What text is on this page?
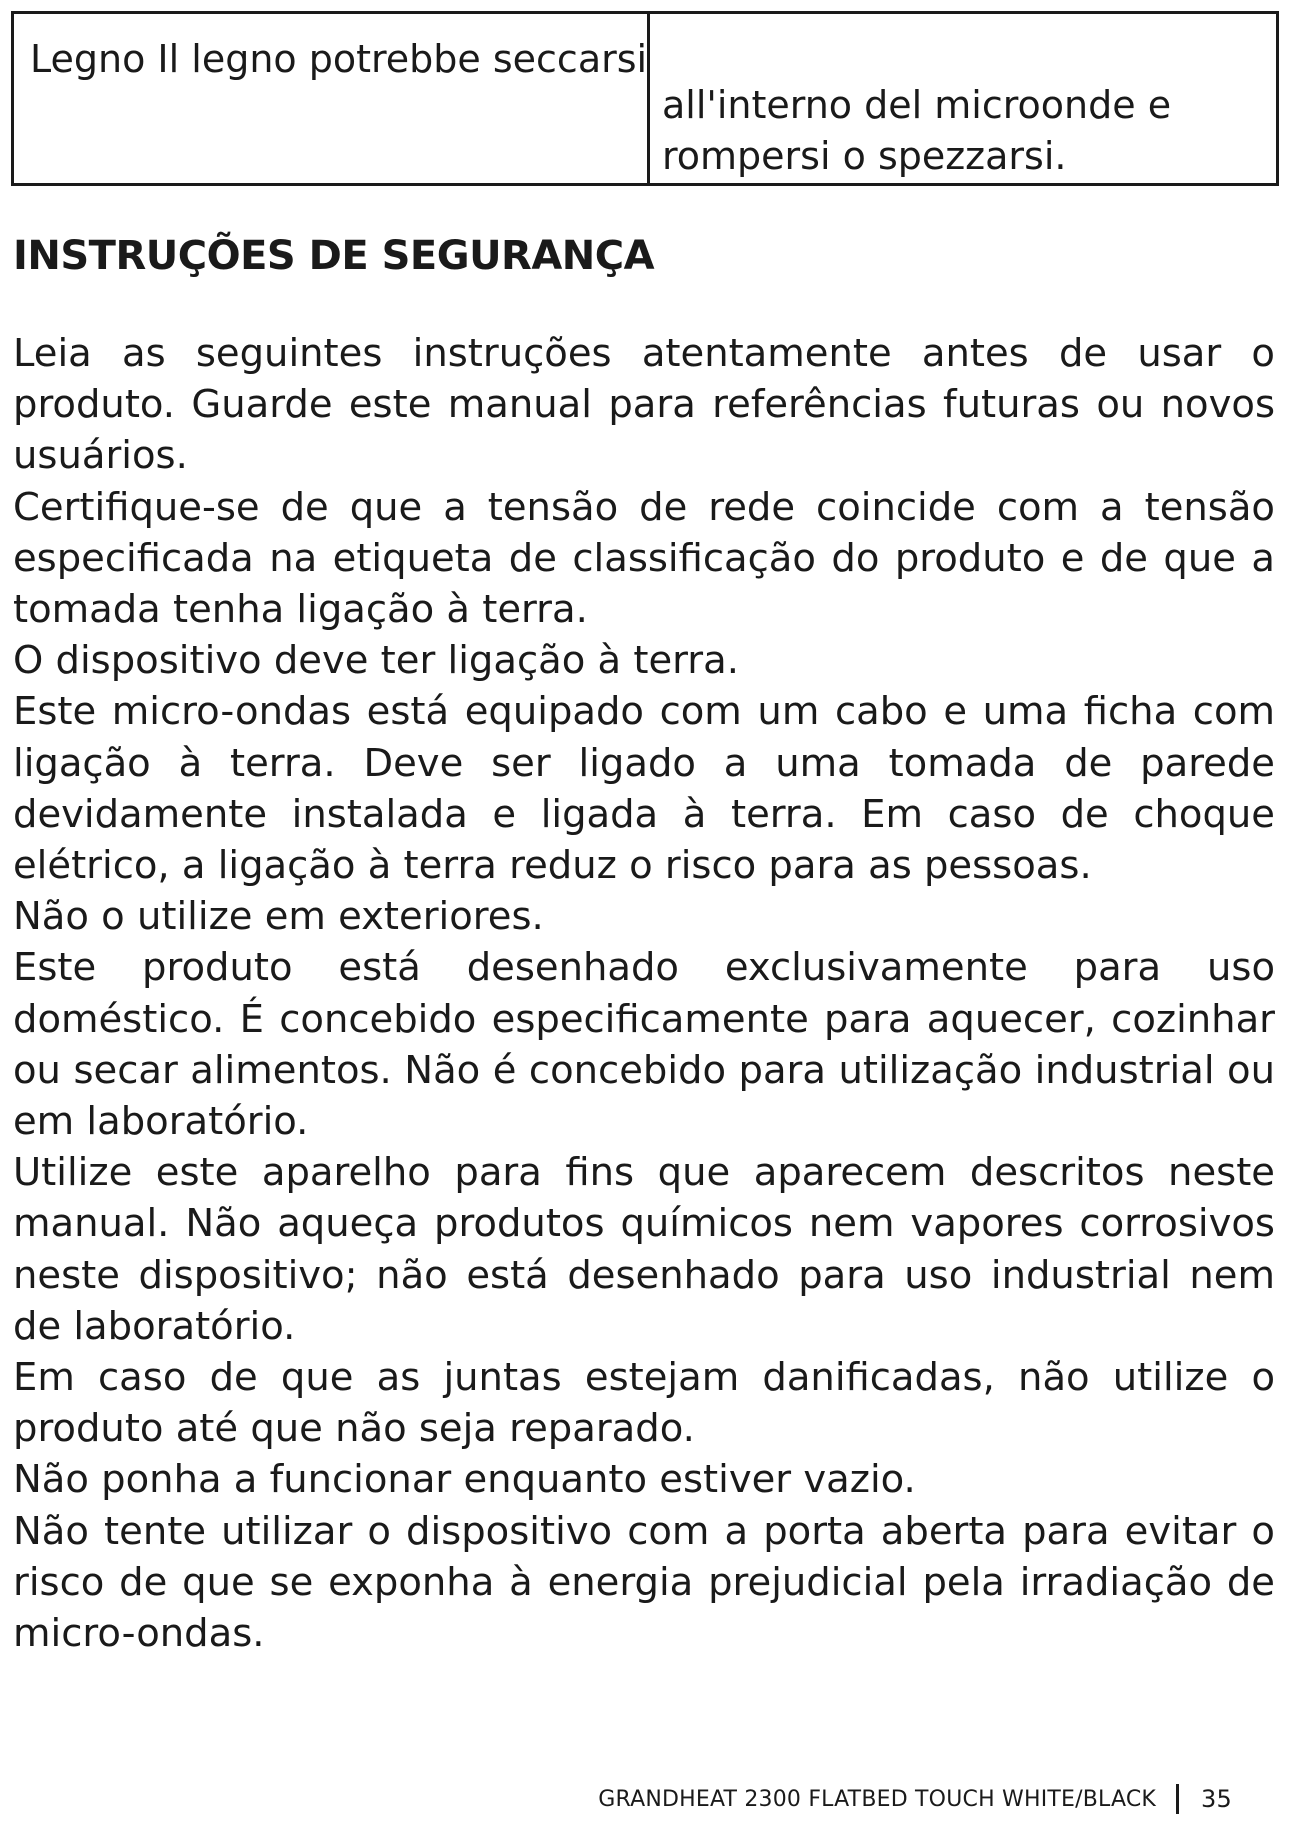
Legno Il legno potrebbe seccarsi
all'interno del microonde e
rompersi o spezzarsi.
INSTRUÇÕES DE SEGURANÇA

Leia as seguintes instruções atentamente antes de usar o produto. Guarde este manual para referências futuras ou novos usuários.

Certifique-se de que a tensão de rede coincide com a tensão especificada na etiqueta de classificação do produto e de que a tomada tenha ligação à terra.

O dispositivo deve ter ligação à terra.

Este micro-ondas está equipado com um cabo e uma ficha com ligação à terra. Deve ser ligado a uma tomada de parede devidamente instalada e ligada à terra. Em caso de choque elétrico, a ligação à terra reduz o risco para as pessoas.

Não o utilize em exteriores.

Este produto está desenhado exclusivamente para uso doméstico. É concebido especificamente para aquecer, cozinhar ou secar alimentos. Não é concebido para utilização industrial ou em laboratório.

Utilize este aparelho para fins que aparecem descritos neste manual. Não aqueça produtos químicos nem vapores corrosivos neste dispositivo; não está desenhado para uso industrial nem de laboratório.

Em caso de que as juntas estejam danificadas, não utilize o produto até que não seja reparado.

Não ponha a funcionar enquanto estiver vazio.

Não tente utilizar o dispositivo com a porta aberta para evitar o risco de que se exponha à energia prejudicial pela irradiação de micro-ondas.

GRANDHEAT 2300 FLATBED TOUCH WHITE/BLACK 35
